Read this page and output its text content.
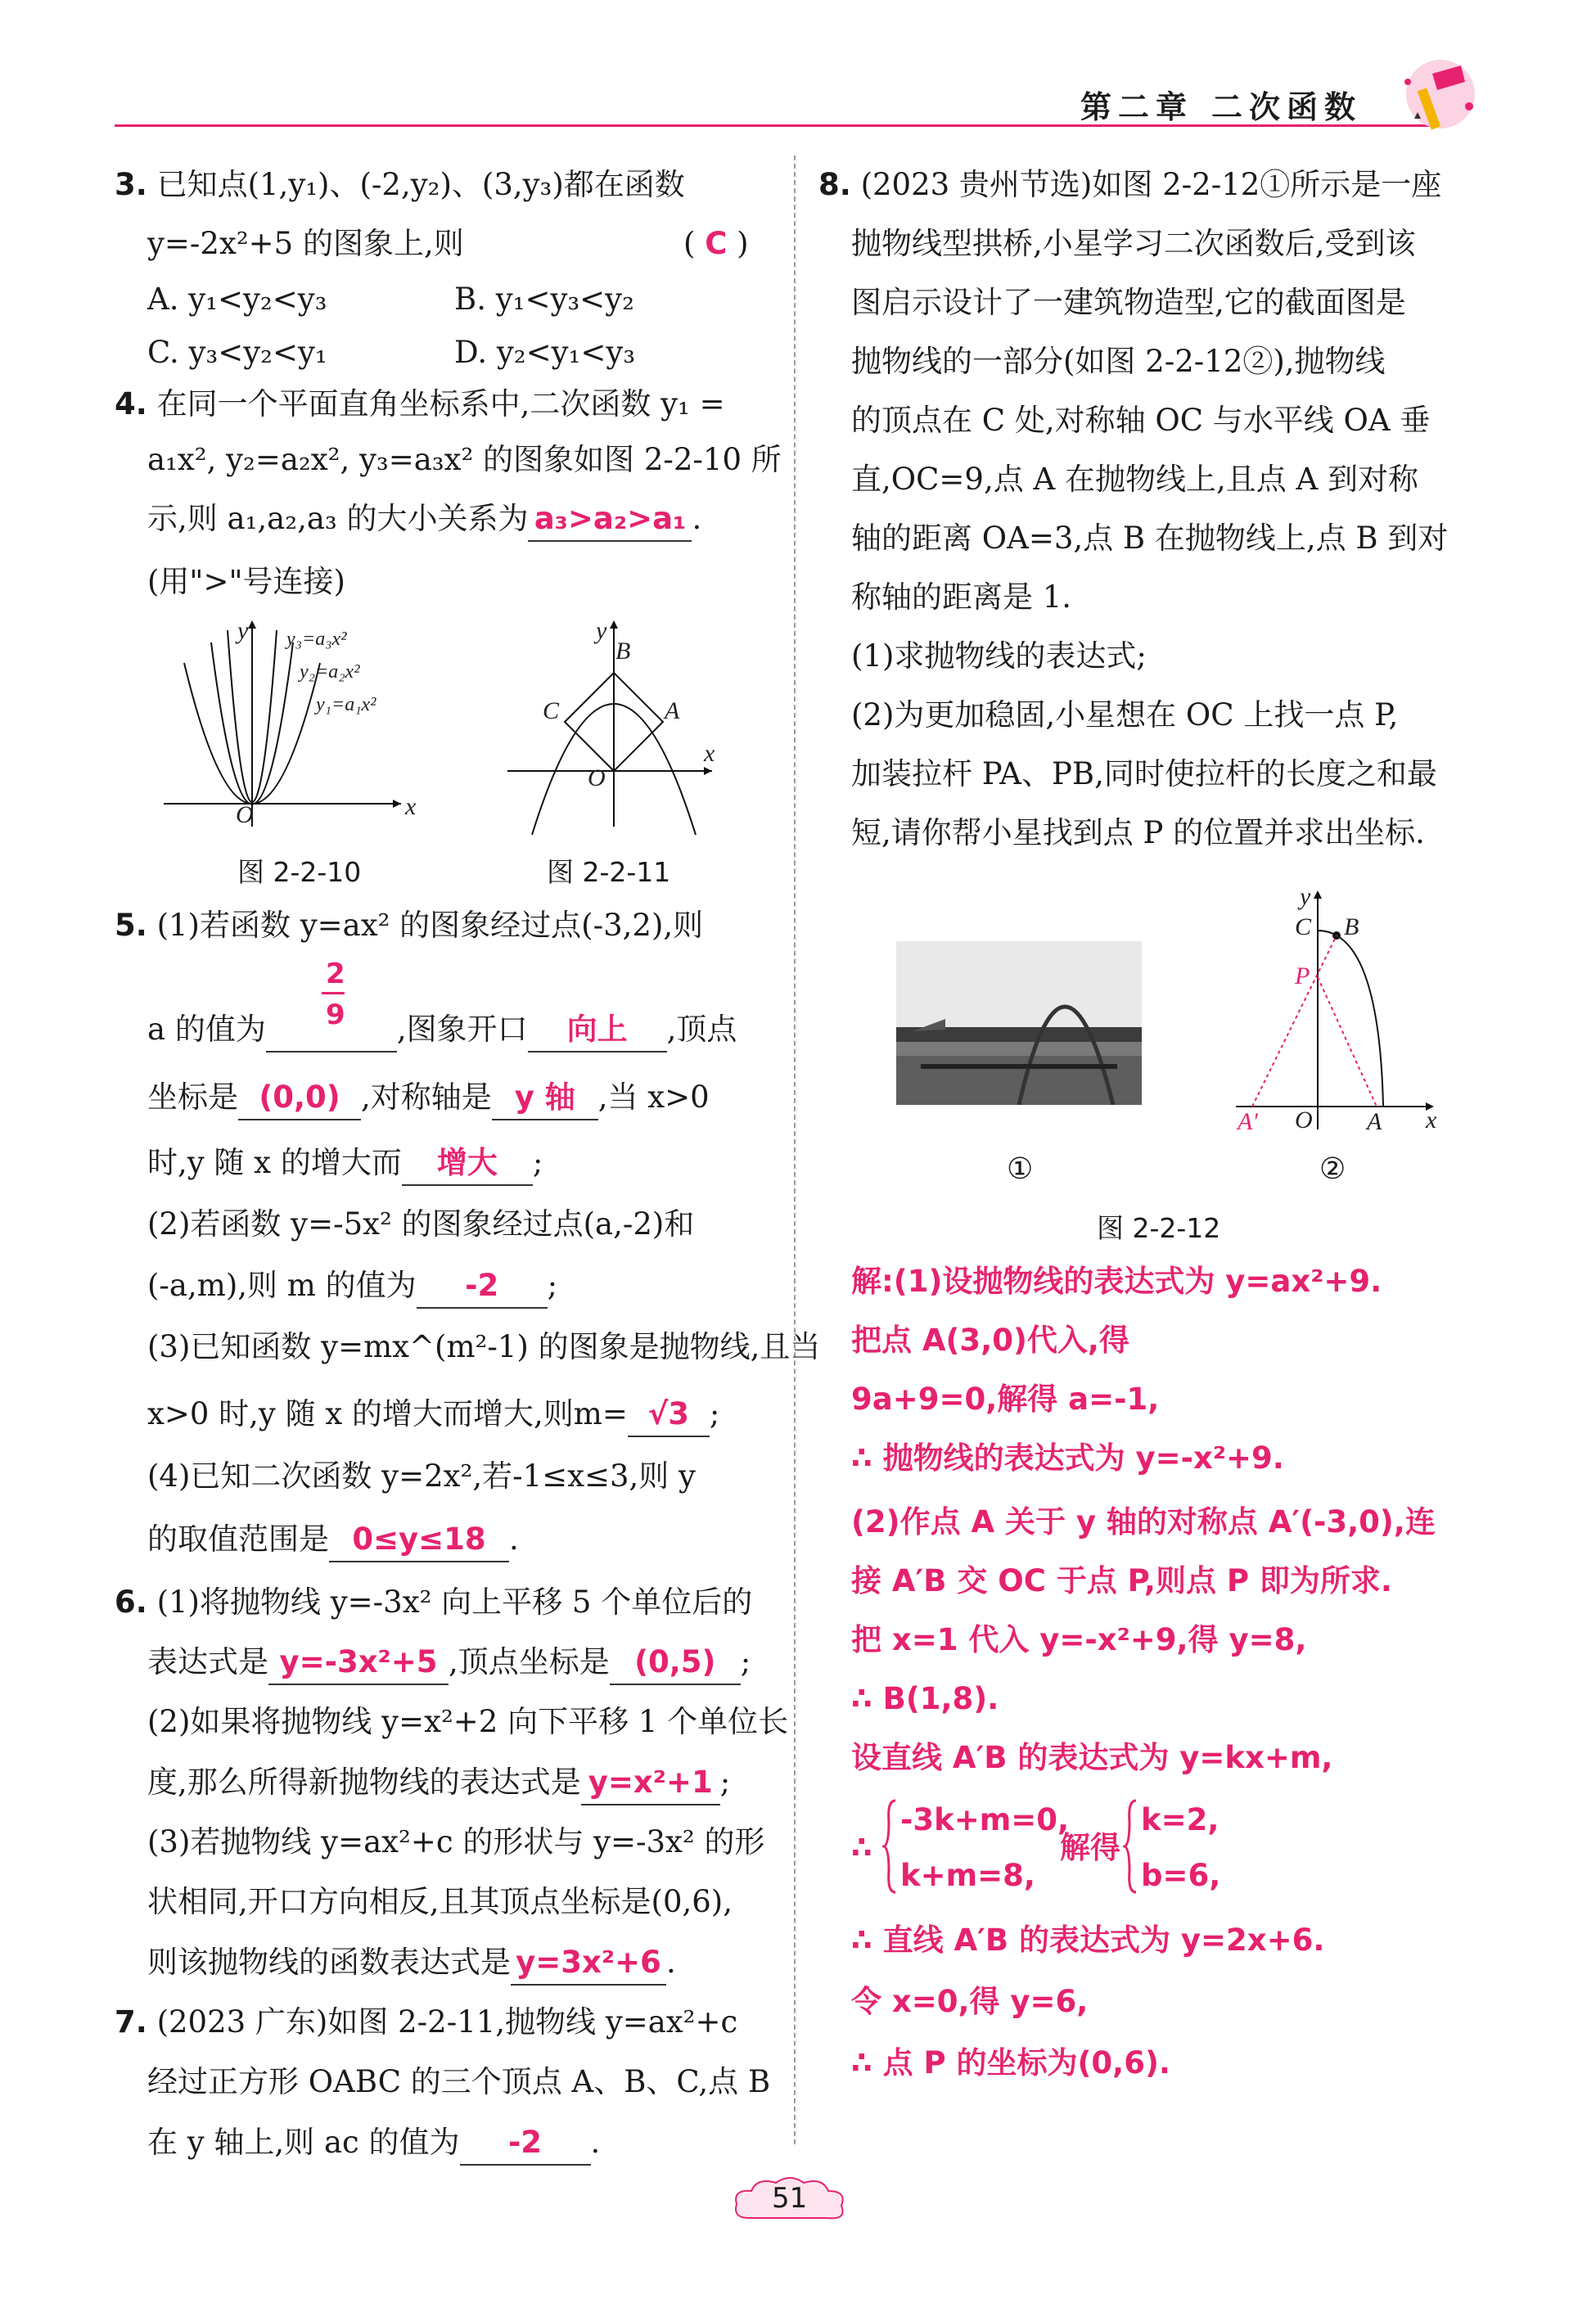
第二章 二次函数
3. 已知点(1,y₁)、(-2,y₂)、(3,y₃)都在函数
y=-2x²+5 的图象上,则	( C )
A. y₁<y₂<y₃	B. y₁<y₃<y₂
C. y₃<y₂<y₁	D. y₂<y₁<y₃
4. 在同一个平面直角坐标系中,二次函数 y₁ =
a₁x², y₂=a₂x², y₃=a₃x² 的图象如图 2-2-10 所
示,则 a₁,a₂,a₃ 的大小关系为 a₃>a₂>a₁ .
(用">"号连接)
y
x
O
y₃=a₃x²
y₂=a₂x²
y₁=a₁x²
图 2-2-10
y
B
A
C
O
x
图 2-2-11
5. (1)若函数 y=ax² 的图象经过点(-3,2),则
2
9
a 的值为	,图象开口 向上 ,顶点
坐标是 (0,0) ,对称轴是 y 轴 ,当 x>0
时,y 随 x 的增大而 增大 ;
(2)若函数 y=-5x² 的图象经过点(a,-2)和
(-a,m),则 m 的值为 -2 ;
(3)已知函数 y=mx^(m²-1) 的图象是抛物线,且当
x>0 时,y 随 x 的增大而增大,则m= √3 ;
(4)已知二次函数 y=2x²,若-1≤x≤3,则 y
的取值范围是 0≤y≤18 .
6. (1)将抛物线 y=-3x² 向上平移 5 个单位后的
表达式是 y=-3x²+5 ,顶点坐标是 (0,5) ;
(2)如果将抛物线 y=x²+2 向下平移 1 个单位长
度,那么所得新抛物线的表达式是 y=x²+1 ;
(3)若抛物线 y=ax²+c 的形状与 y=-3x² 的形
状相同,开口方向相反,且其顶点坐标是(0,6),
则该抛物线的函数表达式是 y=3x²+6 .
7. (2023 广东)如图 2-2-11,抛物线 y=ax²+c
经过正方形 OABC 的三个顶点 A、B、C,点 B
在 y 轴上,则 ac 的值为 -2 .
8. (2023 贵州节选)如图 2-2-12①所示是一座
抛物线型拱桥,小星学习二次函数后,受到该
图启示设计了一建筑物造型,它的截面图是
抛物线的一部分(如图 2-2-12②),抛物线
的顶点在 C 处,对称轴 OC 与水平线 OA 垂
直,OC=9,点 A 在抛物线上,且点 A 到对称
轴的距离 OA=3,点 B 在抛物线上,点 B 到对
称轴的距离是 1.
(1)求抛物线的表达式;
(2)为更加稳固,小星想在 OC 上找一点 P,
加装拉杆 PA、PB,同时使拉杆的长度之和最
短,请你帮小星找到点 P 的位置并求出坐标.
①
y
C B
P
A′ O A x
②
图 2-2-12
解:(1)设抛物线的表达式为 y=ax²+9.
把点 A(3,0)代入,得
9a+9=0,解得 a=-1,
∴ 抛物线的表达式为 y=-x²+9.
(2)作点 A 关于 y 轴的对称点 A′(-3,0),连
接 A′B 交 OC 于点 P,则点 P 即为所求.
把 x=1 代入 y=-x²+9,得 y=8,
∴ B(1,8).
设直线 A′B 的表达式为 y=kx+m,
∴
-3k+m=0,
k+m=8,
解得
k=2,
b=6,
∴ 直线 A′B 的表达式为 y=2x+6.
令 x=0,得 y=6,
∴ 点 P 的坐标为(0,6).
51
